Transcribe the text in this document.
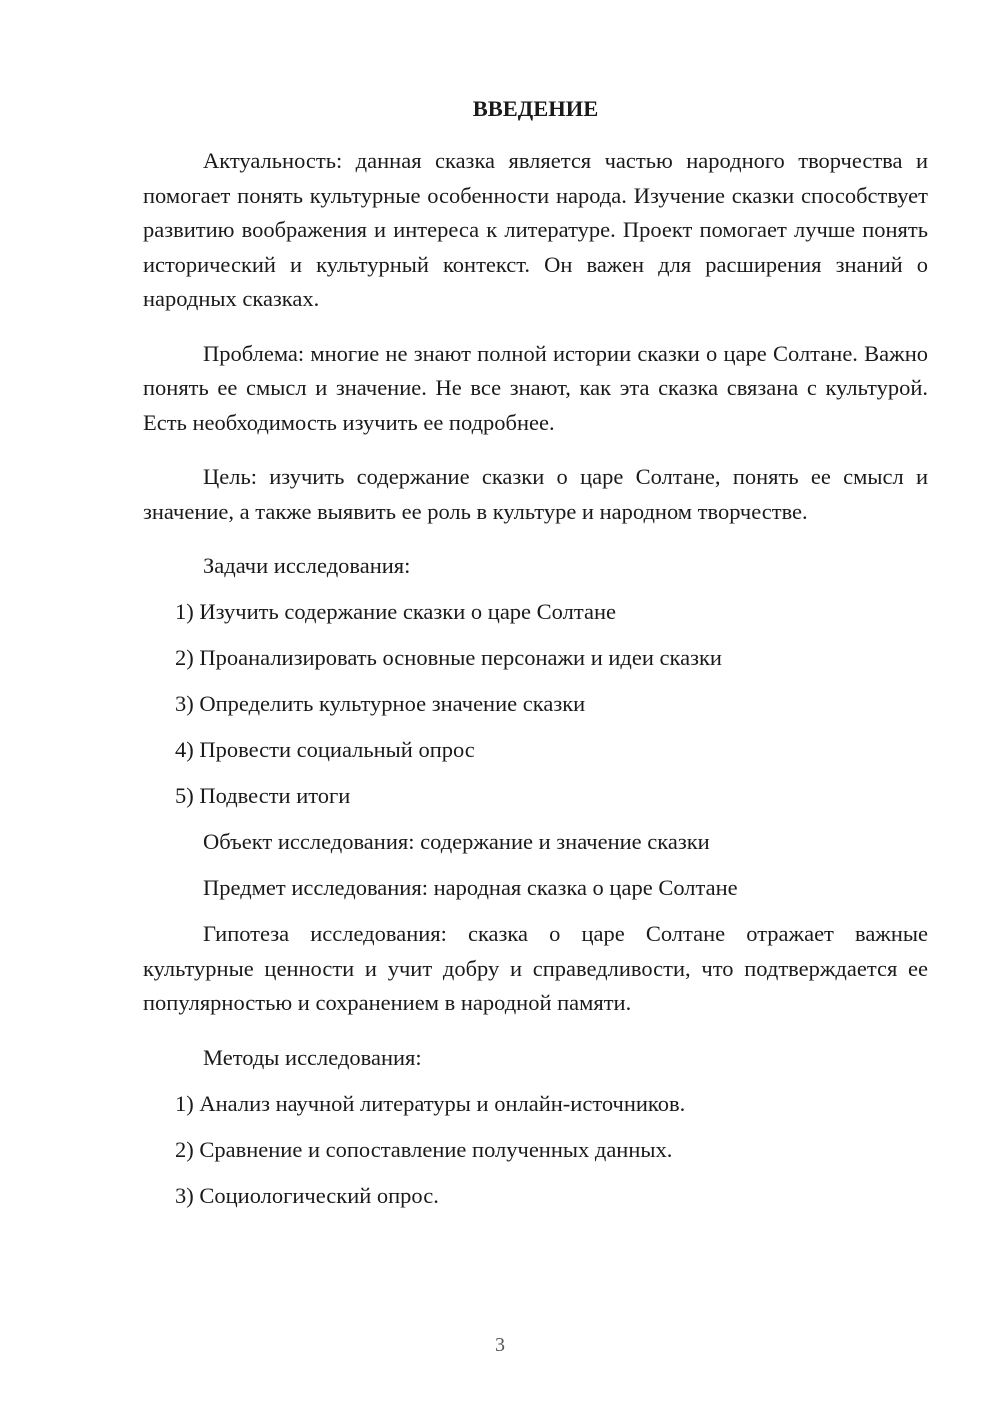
ВВЕДЕНИЕ

Актуальность: данная сказка является частью народного творчества и помогает понять культурные особенности народа. Изучение сказки способствует развитию воображения и интереса к литературе. Проект помогает лучше понять исторический и культурный контекст. Он важен для расширения знаний о народных сказках.

Проблема: многие не знают полной истории сказки о царе Солтане. Важно понять ее смысл и значение. Не все знают, как эта сказка связана с культурой. Есть необходимость изучить ее подробнее.

Цель: изучить содержание сказки о царе Солтане, понять ее смысл и значение, а также выявить ее роль в культуре и народном творчестве.

Задачи исследования:

1) Изучить содержание сказки о царе Солтане

2) Проанализировать основные персонажи и идеи сказки

3) Определить культурное значение сказки

4) Провести социальный опрос

5) Подвести итоги

Объект исследования: содержание и значение сказки

Предмет исследования: народная сказка о царе Солтане

Гипотеза исследования: сказка о царе Солтане отражает важные культурные ценности и учит добру и справедливости, что подтверждается ее популярностью и сохранением в народной памяти.

Методы исследования:

1) Анализ научной литературы и онлайн-источников.

2) Сравнение и сопоставление полученных данных.

3) Социологический опрос.

3
